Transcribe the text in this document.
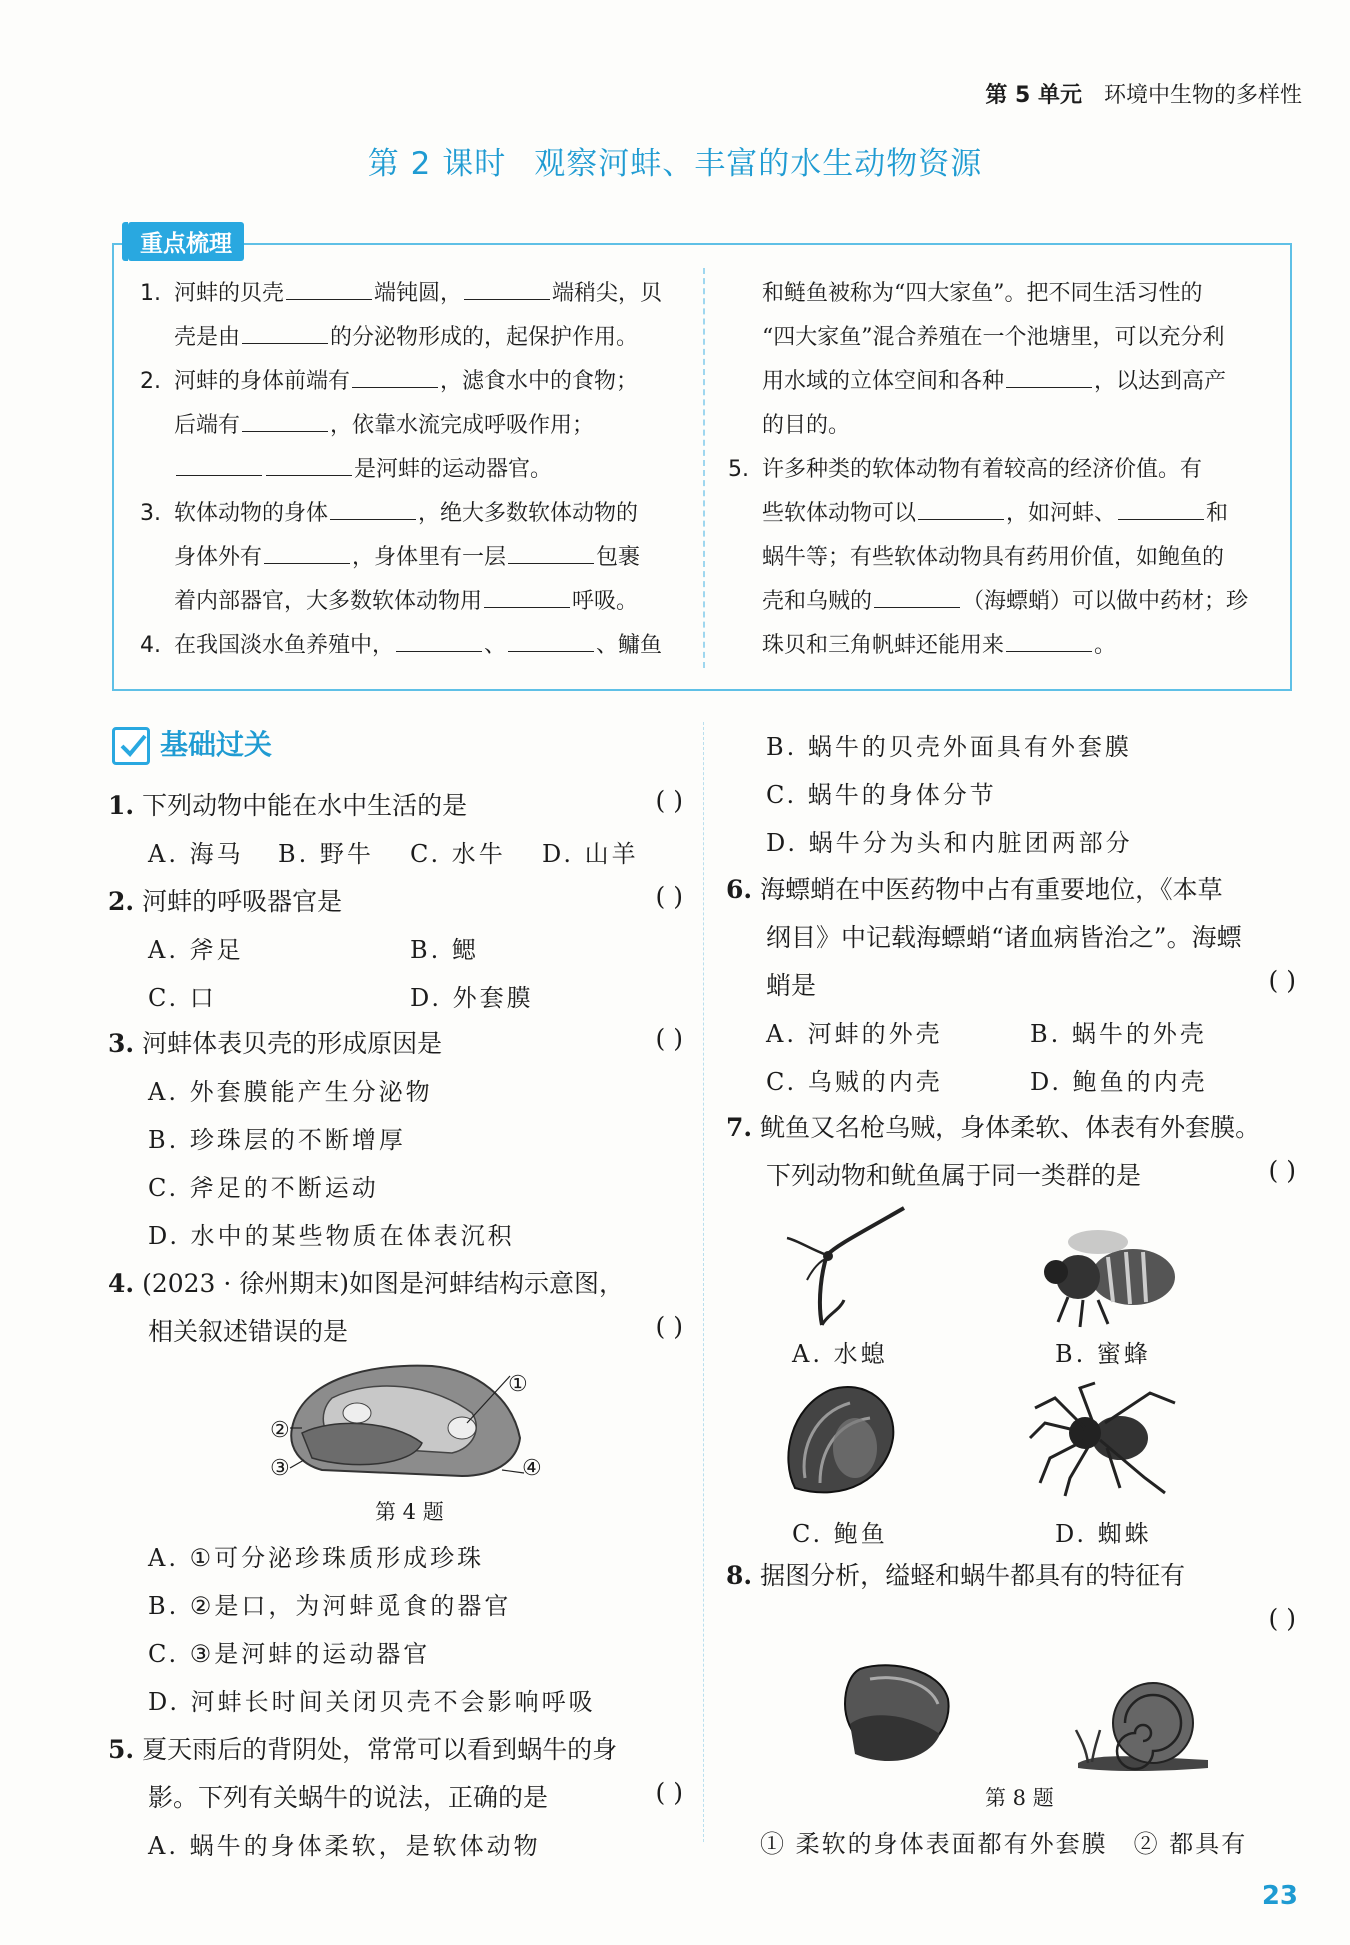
第 5 单元 环境中生物的多样性
第 2 课时 观察河蚌、丰富的水生动物资源
重点梳理
1. 河蚌的贝壳	端钝圆，	端稍尖，贝
壳是由	的分泌物形成的，起保护作用。
2. 河蚌的身体前端有	，滤食水中的食物；
后端有	，依靠水流完成呼吸作用；
是河蚌的运动器官。
3. 软体动物的身体	，绝大多数软体动物的
身体外有	，身体里有一层	包裹
着内部器官，大多数软体动物用	呼吸。
4. 在我国淡水鱼养殖中，	、	、鳙鱼
和鲢鱼被称为“四大家鱼”。把不同生活习性的
“四大家鱼”混合养殖在一个池塘里，可以充分利
用水域的立体空间和各种	，以达到高产
的目的。
5. 许多种类的软体动物有着较高的经济价值。有
些软体动物可以	，如河蚌、	和
蜗牛等；有些软体动物具有药用价值，如鲍鱼的
壳和乌贼的	（海螵蛸）可以做中药材；珍
珠贝和三角帆蚌还能用来	。
基础过关
1. 下列动物中能在水中生活的是	( )
A. 海马 B. 野牛 C. 水牛 D. 山羊
2. 河蚌的呼吸器官是	( )
A. 斧足	B. 鳃
C. 口	D. 外套膜
3. 河蚌体表贝壳的形成原因是	( )
A. 外套膜能产生分泌物
B. 珍珠层的不断增厚
C. 斧足的不断运动
D. 水中的某些物质在体表沉积
4. (2023 · 徐州期末)如图是河蚌结构示意图，
相关叙述错误的是	( )
①
②
③	④
第 4 题
A. ①可分泌珍珠质形成珍珠
B. ②是口，为河蚌觅食的器官
C. ③是河蚌的运动器官
D. 河蚌长时间关闭贝壳不会影响呼吸
5. 夏天雨后的背阴处，常常可以看到蜗牛的身
影。下列有关蜗牛的说法，正确的是	( )
A. 蜗牛的身体柔软，是软体动物
B. 蜗牛的贝壳外面具有外套膜
C. 蜗牛的身体分节
D. 蜗牛分为头和内脏团两部分
6. 海螵蛸在中医药物中占有重要地位，《本草
纲目》中记载海螵蛸“诸血病皆治之”。海螵
蛸是	( )
A. 河蚌的外壳	B. 蜗牛的外壳
C. 乌贼的内壳	D. 鲍鱼的内壳
7. 鱿鱼又名枪乌贼，身体柔软、体表有外套膜。
下列动物和鱿鱼属于同一类群的是	( )
A. 水螅	B. 蜜蜂
C. 鲍鱼	D. 蜘蛛
8. 据图分析，缢蛏和蜗牛都具有的特征有
( )
第 8 题
① 柔软的身体表面都有外套膜　② 都具有
23
